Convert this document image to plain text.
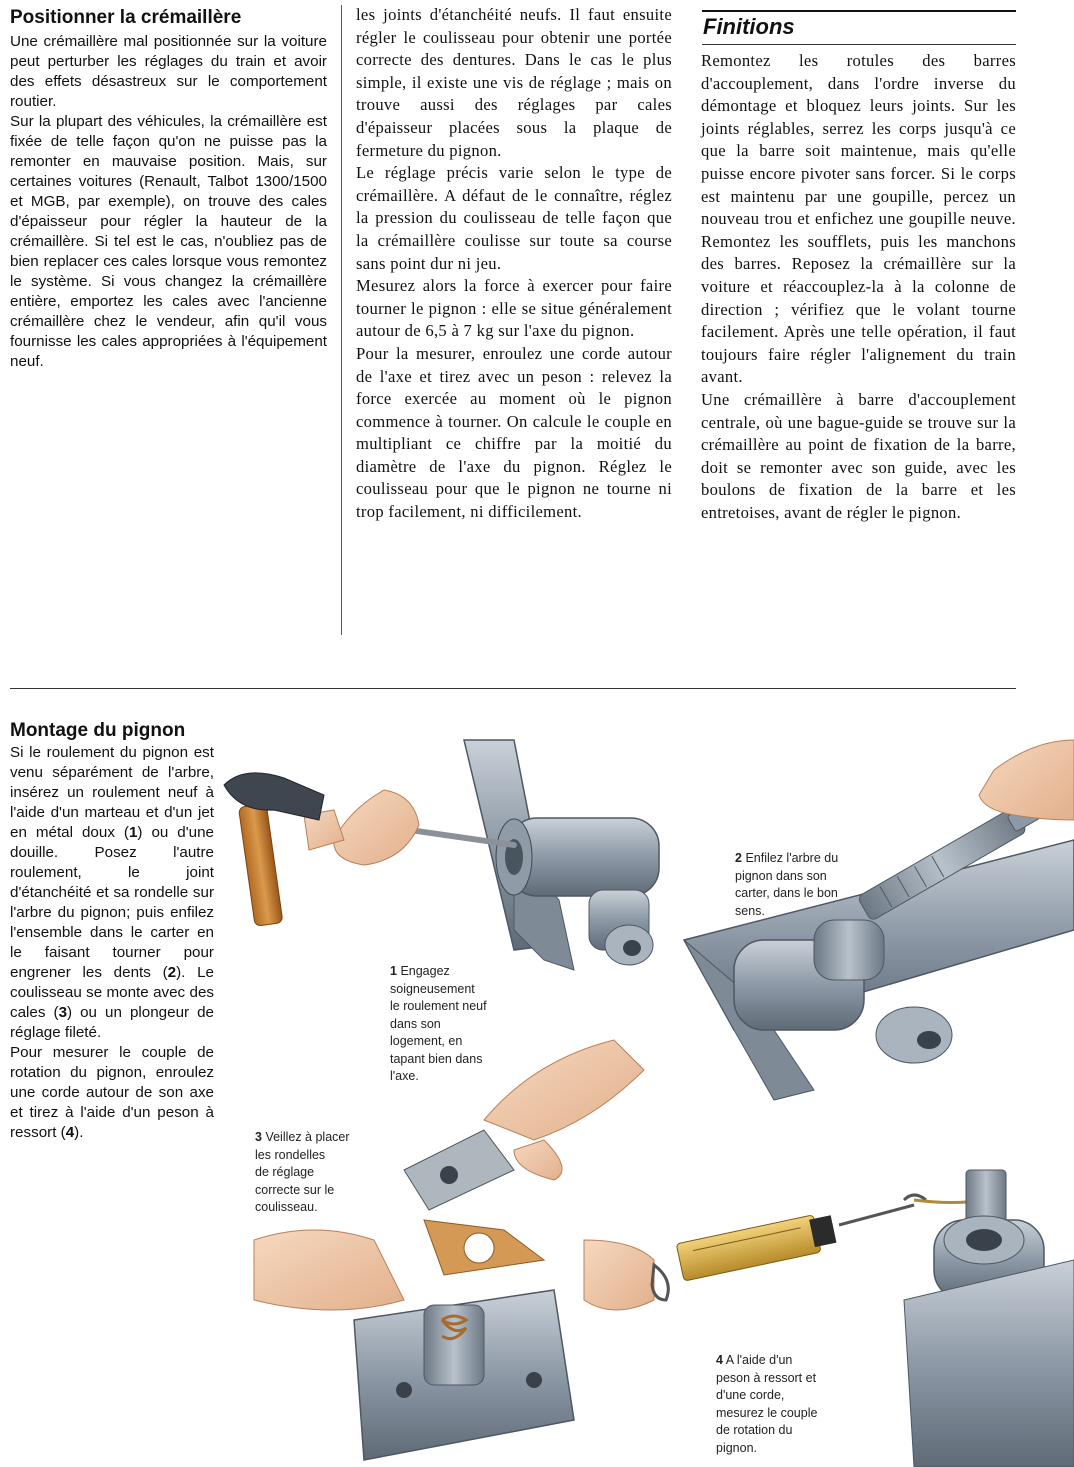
Positionner la crémaillère

Une crémaillère mal positionnée sur la voiture peut perturber les réglages du train et avoir des effets désastreux sur le comportement routier.

Sur la plupart des véhicules, la crémaillère est fixée de telle façon qu'on ne puisse pas la remonter en mauvaise position. Mais, sur certaines voitures (Renault, Talbot 1300/1500 et MGB, par exemple), on trouve des cales d'épaisseur pour régler la hauteur de la crémaillère. Si tel est le cas, n'oubliez pas de bien replacer ces cales lorsque vous remontez le système. Si vous changez la crémaillère entière, emportez les cales avec l'ancienne crémaillère chez le vendeur, afin qu'il vous fournisse les cales appropriées à l'équipement neuf.

les joints d'étanchéité neufs. Il faut ensuite régler le coulisseau pour obtenir une portée correcte des dentures. Dans le cas le plus simple, il existe une vis de réglage ; mais on trouve aussi des réglages par cales d'épaisseur placées sous la plaque de fermeture du pignon.

Le réglage précis varie selon le type de crémaillère. A défaut de le connaître, réglez la pression du coulisseau de telle façon que la crémaillère coulisse sur toute sa course sans point dur ni jeu.

Mesurez alors la force à exercer pour faire tourner le pignon : elle se situe généralement autour de 6,5 à 7 kg sur l'axe du pignon.

Pour la mesurer, enroulez une corde autour de l'axe et tirez avec un peson : relevez la force exercée au moment où le pignon commence à tourner. On calcule le couple en multipliant ce chiffre par la moitié du diamètre de l'axe du pignon. Réglez le coulisseau pour que le pignon ne tourne ni trop facilement, ni difficilement.

Finitions

Remontez les rotules des barres d'accouplement, dans l'ordre inverse du démontage et bloquez leurs joints. Sur les joints réglables, serrez les corps jusqu'à ce que la barre soit maintenue, mais qu'elle puisse encore pivoter sans forcer. Si le corps est maintenu par une goupille, percez un nouveau trou et enfichez une goupille neuve. Remontez les soufflets, puis les manchons des barres. Reposez la crémaillère sur la voiture et réaccouplez-la à la colonne de direction ; vérifiez que le volant tourne facilement. Après une telle opération, il faut toujours faire régler l'alignement du train avant.

Une crémaillère à barre d'accouplement centrale, où une bague-guide se trouve sur la crémaillère au point de fixation de la barre, doit se remonter avec son guide, avec les boulons de fixation de la barre et les entretoises, avant de régler le pignon.

Montage du pignon

Si le roulement du pignon est venu séparément de l'arbre, insérez un roulement neuf à l'aide d'un marteau et d'un jet en métal doux (1) ou d'une douille. Posez l'autre roulement, le joint d'étanchéité et sa rondelle sur l'arbre du pignon; puis enfilez l'ensemble dans le carter en le faisant tourner pour engrener les dents (2). Le coulisseau se monte avec des cales (3) ou un plongeur de réglage fileté.

Pour mesurer le couple de rotation du pignon, enroulez une corde autour de son axe et tirez à l'aide d'un peson à ressort (4).

1 Engagez
soigneusement
le roulement neuf
dans son
logement, en
tapant bien dans
l'axe.
2 Enfilez l'arbre du
pignon dans son
carter, dans le bon
sens.
3 Veillez à placer
les rondelles
de réglage
correcte sur le
coulisseau.
4 A l'aide d'un
peson à ressort et
d'une corde,
mesurez le couple
de rotation du
pignon.
